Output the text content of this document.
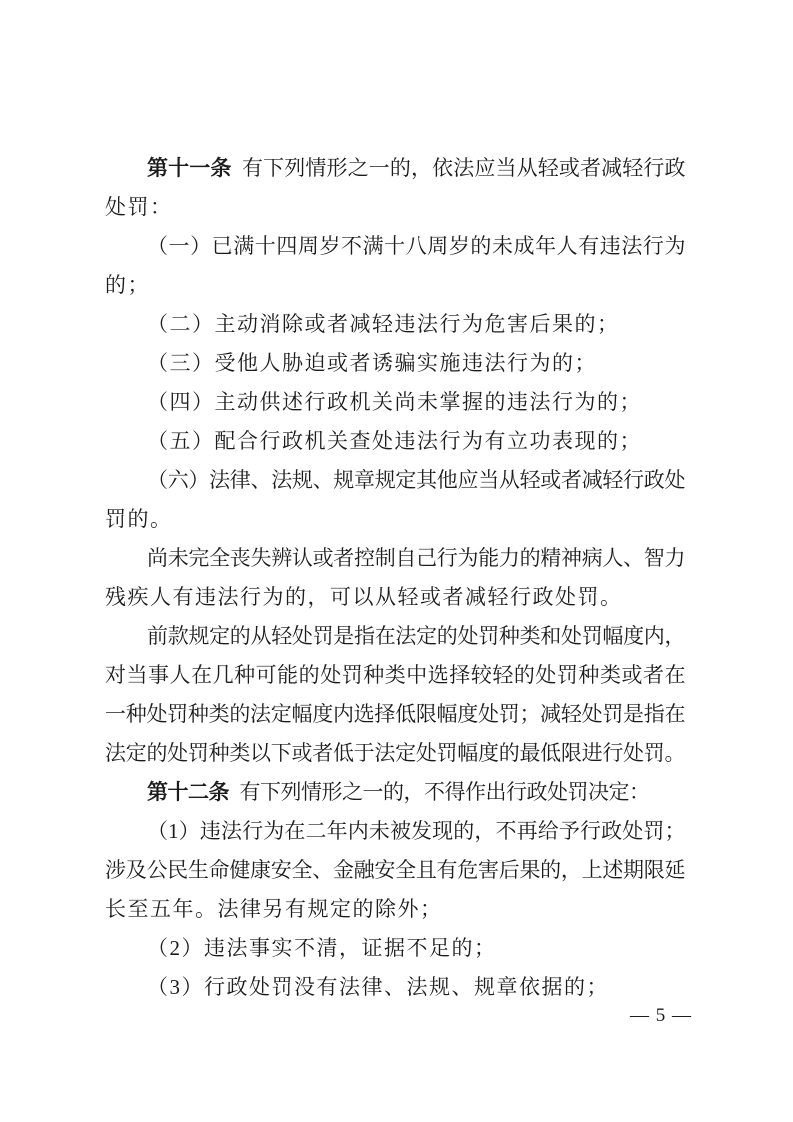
第十一条 有下列情形之一的，依法应当从轻或者减轻行政
处罚：

（一）已满十四周岁不满十八周岁的未成年人有违法行为
的；

（二）主动消除或者减轻违法行为危害后果的；

（三）受他人胁迫或者诱骗实施违法行为的；

（四）主动供述行政机关尚未掌握的违法行为的；

（五）配合行政机关查处违法行为有立功表现的；

（六）法律、法规、规章规定其他应当从轻或者减轻行政处
罚的。

尚未完全丧失辨认或者控制自己行为能力的精神病人、智力
残疾人有违法行为的，可以从轻或者减轻行政处罚。

前款规定的从轻处罚是指在法定的处罚种类和处罚幅度内，
对当事人在几种可能的处罚种类中选择较轻的处罚种类或者在
一种处罚种类的法定幅度内选择低限幅度处罚；减轻处罚是指在
法定的处罚种类以下或者低于法定处罚幅度的最低限进行处罚。

第十二条 有下列情形之一的，不得作出行政处罚决定：

（1）违法行为在二年内未被发现的，不再给予行政处罚；
涉及公民生命健康安全、金融安全且有危害后果的，上述期限延
长至五年。法律另有规定的除外；

（2）违法事实不清，证据不足的；

（3）行政处罚没有法律、法规、规章依据的；

— 5 —
